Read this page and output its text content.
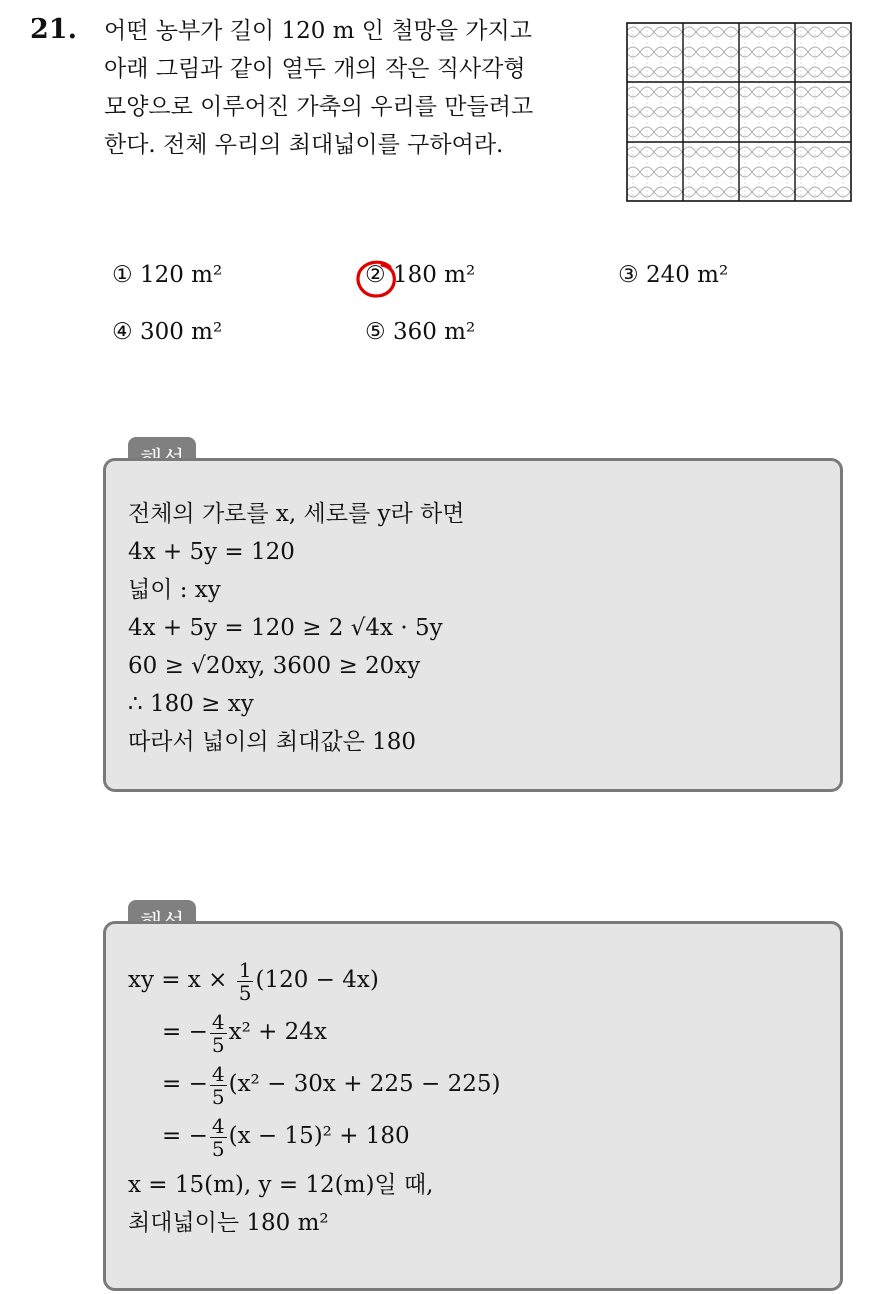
21. 어떤 농부가 길이 120 m 인 철망을 가지고
아래 그림과 같이 열두 개의 작은 직사각형
모양으로 이루어진 가축의 우리를 만들려고
한다. 전체 우리의 최대넓이를 구하여라.
① 120 m²	② 180 m²	③ 240 m²
④ 300 m²	⑤ 360 m²
전체의 가로를 x, 세로를 y라 하면
4x + 5y = 120
넓이 : xy
4x + 5y = 120 ≥ 2 √4x · 5y
60 ≥ √20xy, 3600 ≥ 20xy
∴ 180 ≥ xy
따라서 넓이의 최대값은 180
xy = $x \times \frac{1}{5} (120 - 4x)$
= − $\frac{4}{5} x^2 + 24x$
= − $\frac{4}{5} (x^2 - 30x + 225 - 225)$
= − $\frac{4}{5} (x - 15)^2 + 180$
x = 15(m), y = 12(m)일 때,
최대넓이는 180 m²
